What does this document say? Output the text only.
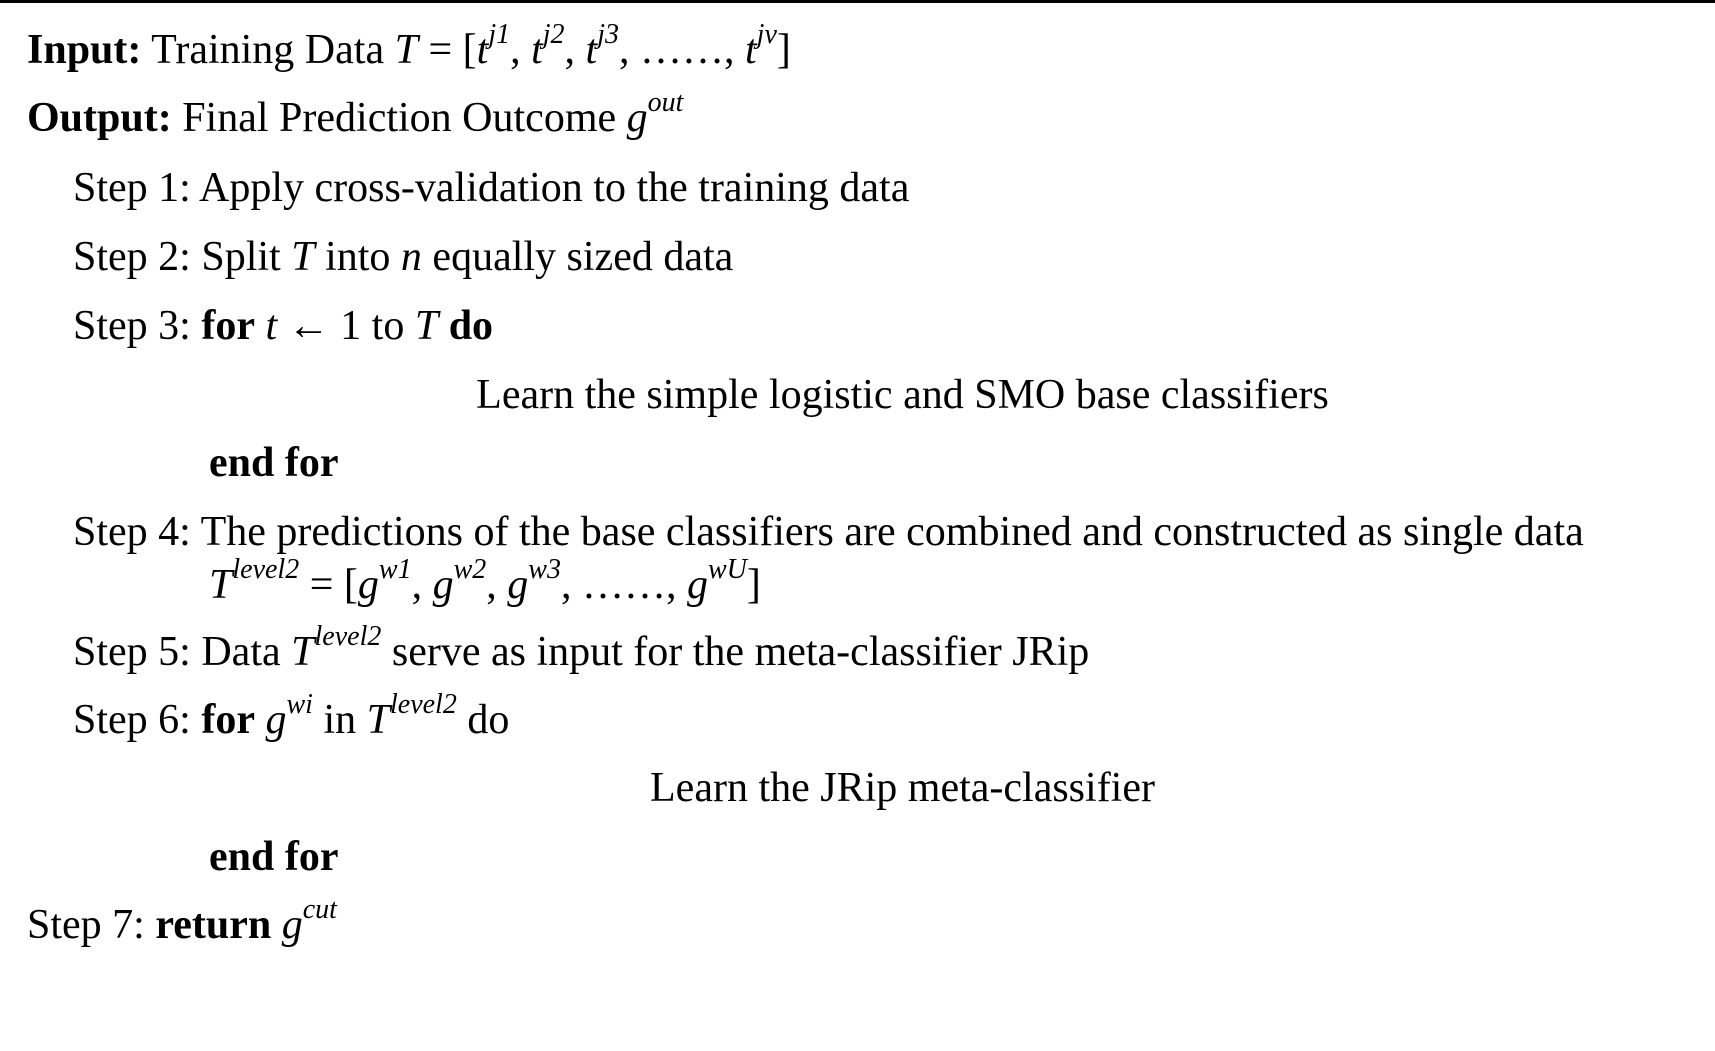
Input: Training Data $T = [t^{j1}$, $t^{j2}$, $t^{j3}$, ……, $t^{jv}$]
Output: Final Prediction Outcome $g^{out}$
Step 1: Apply cross-validation to the training data
Step 2: Split T into n equally sized data
Step 3: for t ← 1 to T do
Learn the simple logistic and SMO base classifiers
end for
Step 4: The predictions of the base classifiers are combined and constructed as single data
$T^{level2} = [g^{w1}$, $g^{w2}$, $g^{w3}$, ……, $g^{wU}$]
Step 5: Data $T^{level2}$ serve as input for the meta-classifier JRip
Step 6: for $g^{wi}$ in $T^{level2}$ do
Learn the JRip meta-classifier
end for
Step 7: return $g^{cut}$
